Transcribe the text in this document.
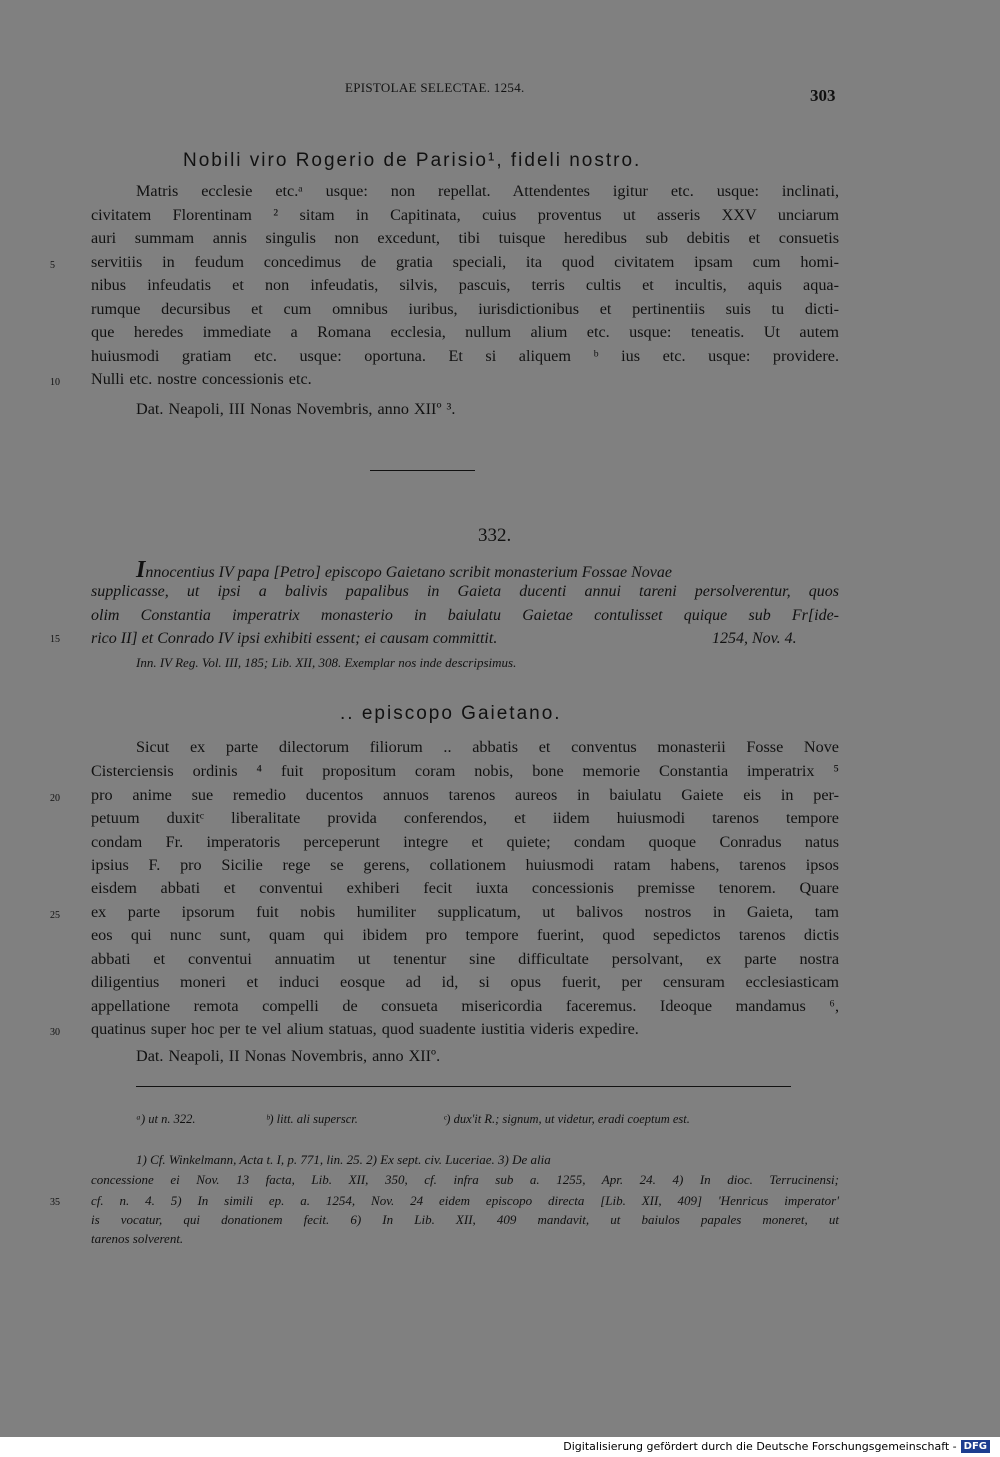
EPISTOLAE SELECTAE. 1254.	303
Nobili viro Rogerio de Parisio¹, fideli nostro.
Matris ecclesie etc.ᵃ usque: non repellat. Attendentes igitur etc. usque: inclinati,
civitatem Florentinam ² sitam in Capitinata, cuius proventus ut asseris XXV unciarum
auri summam annis singulis non excedunt, tibi tuisque heredibus sub debitis et consuetis
servitiis in feudum concedimus de gratia speciali, ita quod civitatem ipsam cum homi-
nibus infeudatis et non infeudatis, silvis, pascuis, terris cultis et incultis, aquis aqua-
rumque decursibus et cum omnibus iuribus, iurisdictionibus et pertinentiis suis tu dicti-
que heredes immediate a Romana ecclesia, nullum alium etc. usque: teneatis. Ut autem
huiusmodi gratiam etc. usque: oportuna. Et si aliquem ᵇ ius etc. usque: providere.
Nulli etc. nostre concessionis etc.
Dat. Neapoli, III Nonas Novembris, anno XIIº ³.
5
10
332.
Innocentius IV papa [Petro] episcopo Gaietano scribit monasterium Fossae Novae
supplicasse, ut ipsi a balivis papalibus in Gaieta ducenti annui tareni persolverentur, quos
olim Constantia imperatrix monasterio in baiulatu Gaietae contulisset quique sub Fr[ide-
rico II] et Conrado IV ipsi exhibiti essent; ei causam committit.	1254, Nov. 4.
Inn. IV Reg. Vol. III, 185; Lib. XII, 308. Exemplar nos inde descripsimus.
.. episcopo Gaietano.
Sicut ex parte dilectorum filiorum .. abbatis et conventus monasterii Fosse Nove
Cisterciensis ordinis ⁴ fuit propositum coram nobis, bone memorie Constantia imperatrix ⁵
pro anime sue remedio ducentos annuos tarenos aureos in baiulatu Gaiete eis in per-
petuum duxitᶜ liberalitate provida conferendos, et iidem huiusmodi tarenos tempore
condam Fr. imperatoris perceperunt integre et quiete; condam quoque Conradus natus
ipsius F. pro Sicilie rege se gerens, collationem huiusmodi ratam habens, tarenos ipsos
eisdem abbati et conventui exhiberi fecit iuxta concessionis premisse tenorem. Quare
ex parte ipsorum fuit nobis humiliter supplicatum, ut balivos nostros in Gaieta, tam
eos qui nunc sunt, quam qui ibidem pro tempore fuerint, quod sepedictos tarenos dictis
abbati et conventui annuatim ut tenentur sine difficultate persolvant, ex parte nostra
diligentius moneri et induci eosque ad id, si opus fuerit, per censuram ecclesiasticam
appellatione remota compelli de consueta misericordia faceremus. Ideoque mandamus ⁶,
quatinus super hoc per te vel alium statuas, quod suadente iustitia videris expedire.
Dat. Neapoli, II Nonas Novembris, anno XIIº.
15
20
25
30
35
ᵃ) ut n. 322.	ᵇ) litt. ali superscr.	ᶜ) dux'it R.; signum, ut videtur, eradi coeptum est.
1) Cf. Winkelmann, Acta t. I, p. 771, lin. 25. 2) Ex sept. civ. Luceriae. 3) De alia
concessione ei Nov. 13 facta, Lib. XII, 350, cf. infra sub a. 1255, Apr. 24. 4) In dioc. Terrucinensi;
cf. n. 4. 5) In simili ep. a. 1254, Nov. 24 eidem episcopo directa [Lib. XII, 409] 'Henricus imperator'
is vocatur, qui donationem fecit. 6) In Lib. XII, 409 mandavit, ut baiulos papales moneret, ut
tarenos solverent.
Digitalisierung gefördert durch die Deutsche Forschungsgemeinschaft - DFG
